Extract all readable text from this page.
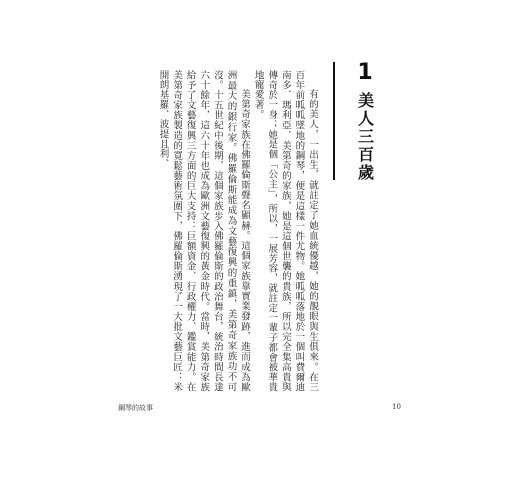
1
美人三百歲

有的美人，一出生，就註定了她血統優越，她的靚眼與生俱來。在三百年前呱呱墜地的鋼琴，便是這樣一件尤物。她呱呱落地於一個叫費爾迪南多．瑪利亞．美第奇的家族，她是這個世襲的貴族，所以完全集高貴與傳奇於一身；她是個「公主」，所以，一展芳容，就註定一輩子都會被華貴地寵愛著。

美第奇家族在佛羅倫斯聲名顯赫。這個家族靠實業發跡，進而成為歐洲最大的銀行家。佛羅倫斯能成為文藝復興的重鎮，美第奇家族功不可沒。十五世紀中後期，這個家族步入佛羅倫斯的政治舞台，統治時間長達六十餘年，這六十年也成為歐洲文藝復興的黃金時代。當時，美第奇家族給予了文藝復興三方面的巨大支持：巨額資金、行政權力、鑑賞能力。在美第奇家族製造的寬鬆藝術氛圍下，佛羅倫斯湧現了一大批文藝巨匠：米開朗基羅、波提且利、

鋼琴的故事	10
